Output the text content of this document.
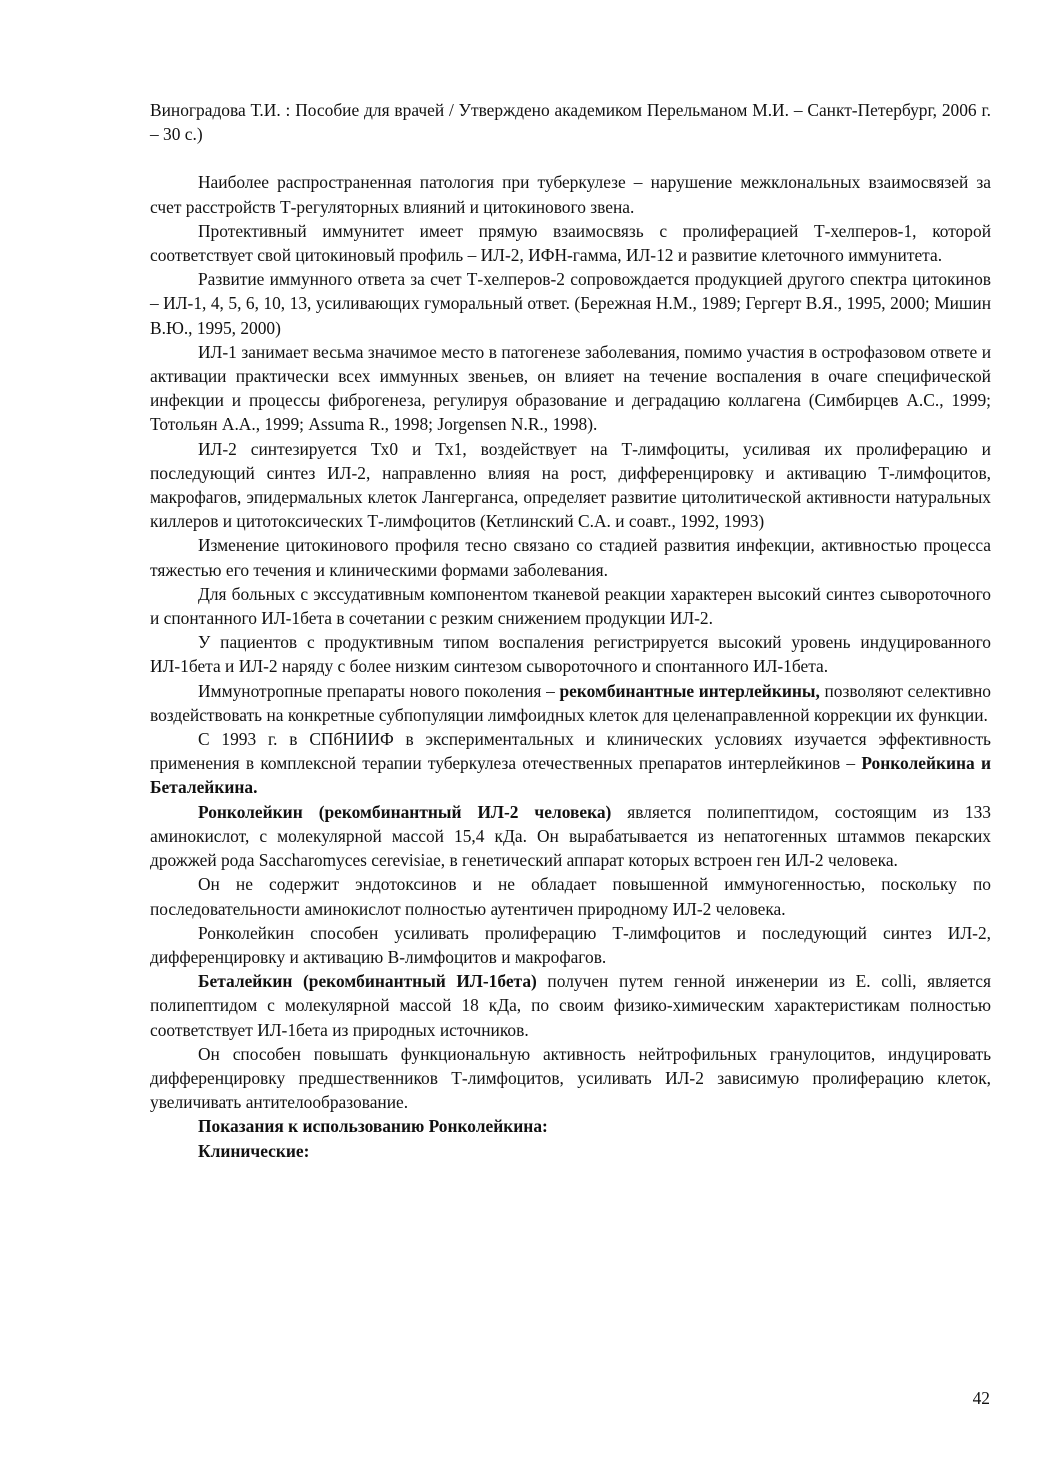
Виноградова Т.И. : Пособие для врачей / Утверждено академиком Перельманом М.И. – Санкт-Петербург, 2006 г. – 30 с.)

Наиболее распространенная патология при туберкулезе – нарушение межклональных взаимосвязей за счет расстройств Т-регуляторных влияний и цитокинового звена.

Протективный иммунитет имеет прямую взаимосвязь с пролиферацией Т-хелперов-1, которой соответствует свой цитокиновый профиль – ИЛ-2, ИФН-гамма, ИЛ-12 и развитие клеточного иммунитета.

Развитие иммунного ответа за счет Т-хелперов-2 сопровождается продукцией другого спектра цитокинов – ИЛ-1, 4, 5, 6, 10, 13, усиливающих гуморальный ответ. (Бережная Н.М., 1989; Гергерт В.Я., 1995, 2000; Мишин В.Ю., 1995, 2000)

ИЛ-1 занимает весьма значимое место в патогенезе заболевания, помимо участия в острофазовом ответе и активации практически всех иммунных звеньев, он влияет на течение воспаления в очаге специфической инфекции и процессы фиброгенеза, регулируя образование и деградацию коллагена (Симбирцев А.С., 1999; Тотольян А.А., 1999; Assuma R., 1998; Jorgensen N.R., 1998).

ИЛ-2 синтезируется Тх0 и Тх1, воздействует на Т-лимфоциты, усиливая их пролиферацию и последующий синтез ИЛ-2, направленно влияя на рост, дифференцировку и активацию Т-лимфоцитов, макрофагов, эпидермальных клеток Лангерганса, определяет развитие цитолитической активности натуральных киллеров и цитотоксических Т-лимфоцитов (Кетлинский С.А. и соавт., 1992, 1993)

Изменение цитокинового профиля тесно связано со стадией развития инфекции, активностью процесса тяжестью его течения и клиническими формами заболевания.

Для больных с экссудативным компонентом тканевой реакции характерен высокий синтез сывороточного и спонтанного ИЛ-1бета в сочетании с резким снижением продукции ИЛ-2.

У пациентов с продуктивным типом воспаления регистрируется высокий уровень индуцированного ИЛ-1бета и ИЛ-2 наряду с более низким синтезом сывороточного и спонтанного ИЛ-1бета.

Иммунотропные препараты нового поколения – рекомбинантные интерлейкины, позволяют селективно воздействовать на конкретные субпопуляции лимфоидных клеток для целенаправленной коррекции их функции.

С 1993 г. в СПбНИИФ в экспериментальных и клинических условиях изучается эффективность применения в комплексной терапии туберкулеза отечественных препаратов интерлейкинов – Ронколейкина и Беталейкина.

Ронколейкин (рекомбинантный ИЛ-2 человека) является полипептидом, состоящим из 133 аминокислот, с молекулярной массой 15,4 кДа. Он вырабатывается из непатогенных штаммов пекарских дрожжей рода Saccharomyces cerevisiae, в генетический аппарат которых встроен ген ИЛ-2 человека.

Он не содержит эндотоксинов и не обладает повышенной иммуногенностью, поскольку по последовательности аминокислот полностью аутентичен природному ИЛ-2 человека.

Ронколейкин способен усиливать пролиферацию Т-лимфоцитов и последующий синтез ИЛ-2, дифференцировку и активацию В-лимфоцитов и макрофагов.

Беталейкин (рекомбинантный ИЛ-1бета) получен путем генной инженерии из E. colli, является полипептидом с молекулярной массой 18 кДа, по своим физико-химическим характеристикам полностью соответствует ИЛ-1бета из природных источников.

Он способен повышать функциональную активность нейтрофильных гранулоцитов, индуцировать дифференцировку предшественников Т-лимфоцитов, усиливать ИЛ-2 зависимую пролиферацию клеток, увеличивать антителообразование.

Показания к использованию Ронколейкина:

Клинические:

42
